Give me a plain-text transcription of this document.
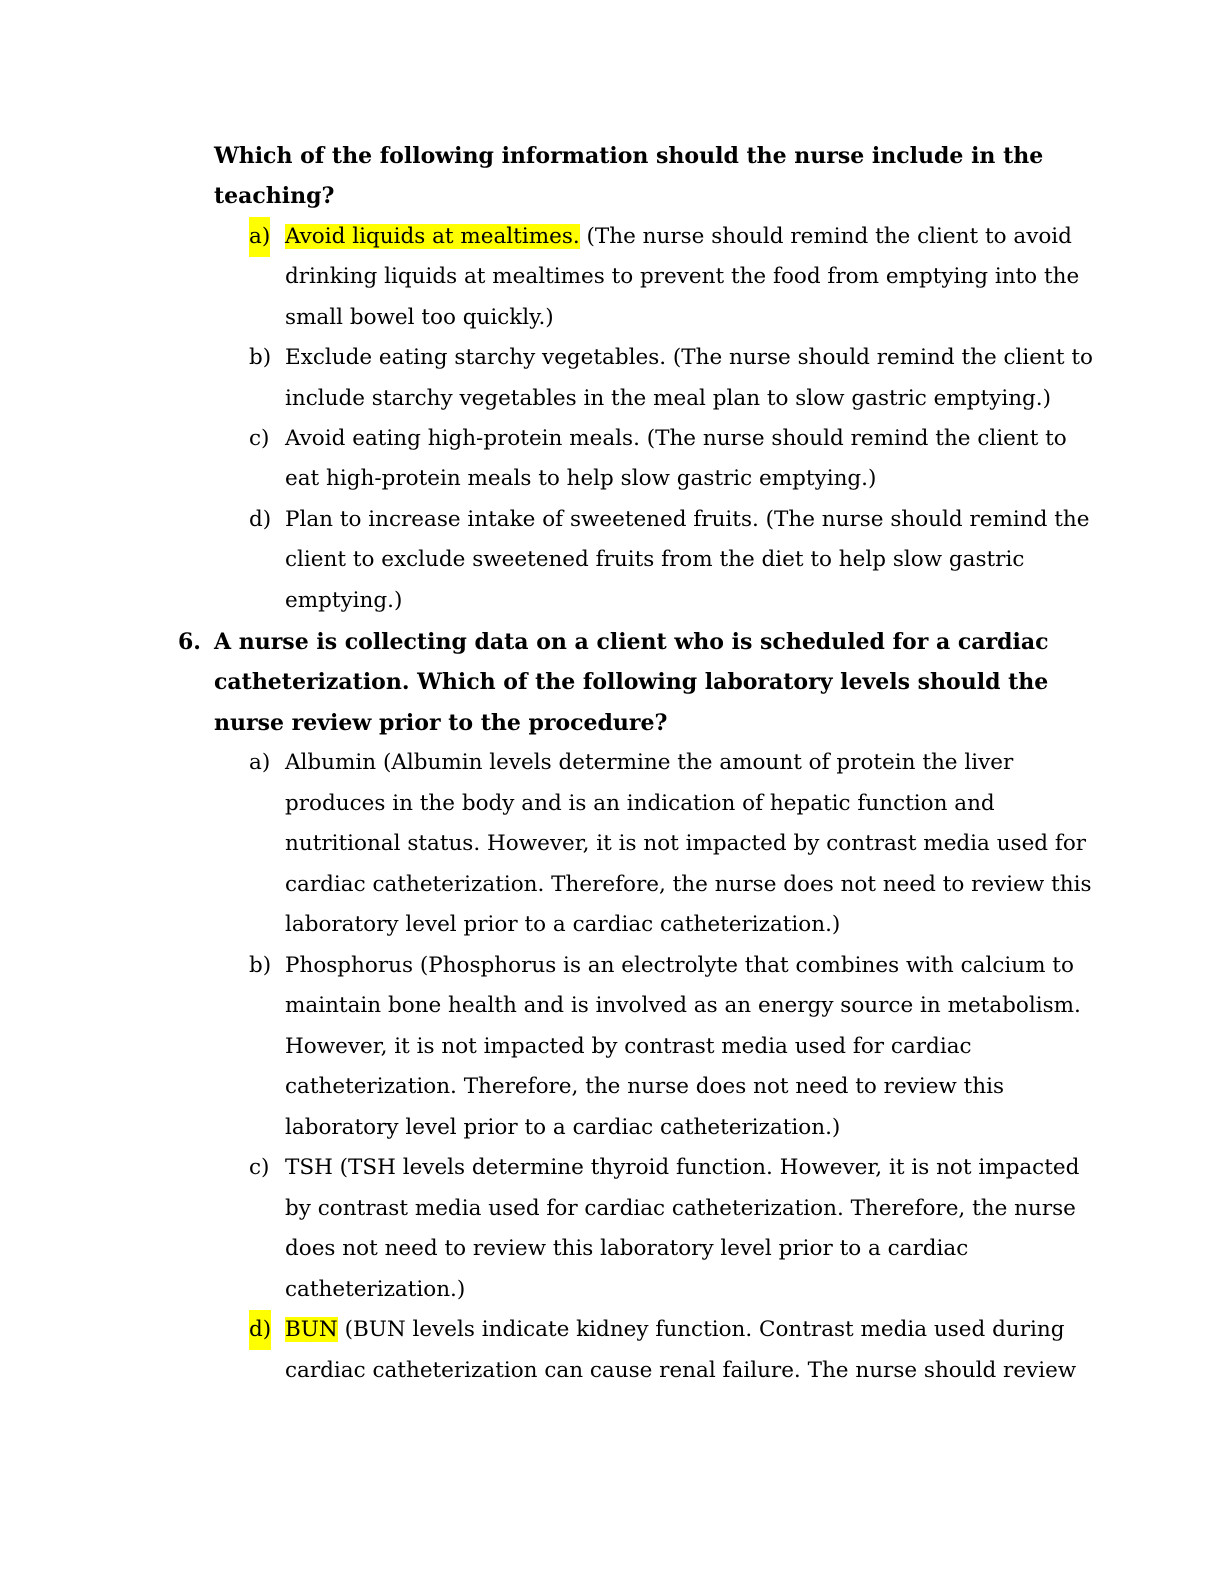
Which of the following information should the nurse include in the
teaching?
a) Avoid liquids at mealtimes. (The nurse should remind the client to avoid
drinking liquids at mealtimes to prevent the food from emptying into the
small bowel too quickly.)
b) Exclude eating starchy vegetables. (The nurse should remind the client to
include starchy vegetables in the meal plan to slow gastric emptying.)
c) Avoid eating high-protein meals. (The nurse should remind the client to
eat high-protein meals to help slow gastric emptying.)
d) Plan to increase intake of sweetened fruits. (The nurse should remind the
client to exclude sweetened fruits from the diet to help slow gastric
emptying.)
6. A nurse is collecting data on a client who is scheduled for a cardiac
catheterization. Which of the following laboratory levels should the
nurse review prior to the procedure?
a) Albumin (Albumin levels determine the amount of protein the liver
produces in the body and is an indication of hepatic function and
nutritional status. However, it is not impacted by contrast media used for
cardiac catheterization. Therefore, the nurse does not need to review this
laboratory level prior to a cardiac catheterization.)
b) Phosphorus (Phosphorus is an electrolyte that combines with calcium to
maintain bone health and is involved as an energy source in metabolism.
However, it is not impacted by contrast media used for cardiac
catheterization. Therefore, the nurse does not need to review this
laboratory level prior to a cardiac catheterization.)
c) TSH (TSH levels determine thyroid function. However, it is not impacted
by contrast media used for cardiac catheterization. Therefore, the nurse
does not need to review this laboratory level prior to a cardiac
catheterization.)
d) BUN (BUN levels indicate kidney function. Contrast media used during
cardiac catheterization can cause renal failure. The nurse should review
